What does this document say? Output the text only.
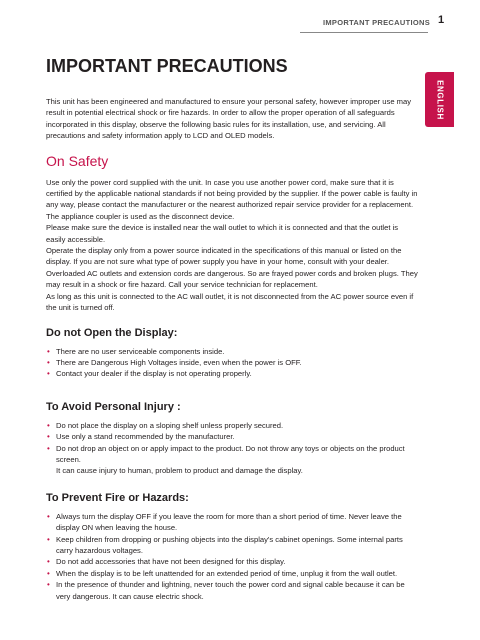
IMPORTANT PRECAUTIONS 1
ENGLISH
IMPORTANT PRECAUTIONS

This unit has been engineered and manufactured to ensure your personal safety, however improper use may result in potential electrical shock or fire hazards. In order to allow the proper operation of all safeguards incorporated in this display, observe the following basic rules for its installation, use, and servicing. All precautions and safety information apply to LCD and OLED models.

On Safety

Use only the power cord supplied with the unit. In case you use another power cord, make sure that it is certified by the applicable national standards if not being provided by the supplier. If the power cable is faulty in any way, please contact the manufacturer or the nearest authorized repair service provider for a replacement.

The appliance coupler is used as the disconnect device.

Please make sure the device is installed near the wall outlet to which it is connected and that the outlet is easily accessible.

Operate the display only from a power source indicated in the specifications of this manual or listed on the display. If you are not sure what type of power supply you have in your home, consult with your dealer.

Overloaded AC outlets and extension cords are dangerous. So are frayed power cords and broken plugs. They may result in a shock or fire hazard. Call your service technician for replacement.

As long as this unit is connected to the AC wall outlet, it is not disconnected from the AC power source even if the unit is turned off.

Do not Open the Display:
• There are no user serviceable components inside.
• There are Dangerous High Voltages inside, even when the power is OFF.
• Contact your dealer if the display is not operating properly.
To Avoid Personal Injury :
• Do not place the display on a sloping shelf unless properly secured.
• Use only a stand recommended by the manufacturer.
• Do not drop an object on or apply impact to the product. Do not throw any toys or objects on the product screen.
It can cause injury to human, problem to product and damage the display.
To Prevent Fire or Hazards:
• Always turn the display OFF if you leave the room for more than a short period of time. Never leave the display ON when leaving the house.
• Keep children from dropping or pushing objects into the display's cabinet openings. Some internal parts carry hazardous voltages.
• Do not add accessories that have not been designed for this display.
• When the display is to be left unattended for an extended period of time, unplug it from the wall outlet.
• In the presence of thunder and lightning, never touch the power cord and signal cable because it can be very dangerous. It can cause electric shock.
